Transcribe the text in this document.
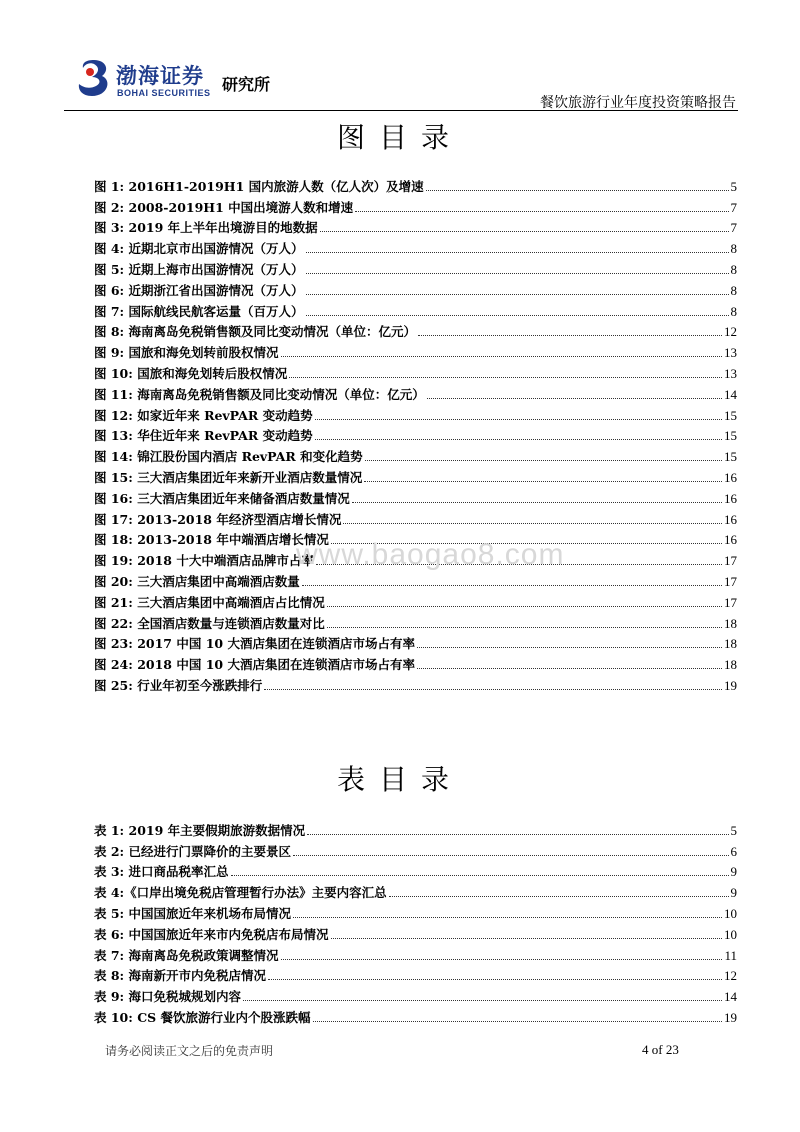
渤海证券
BOHAI SECURITIES 研究所
餐饮旅游行业年度投资策略报告
图目录
图 1: 2016H1-2019H1 国内旅游人数（亿人次）及增速	5
图 2: 2008-2019H1 中国出境游人数和增速	7
图 3: 2019 年上半年出境游目的地数据	7
图 4: 近期北京市出国游情况（万人）	8
图 5: 近期上海市出国游情况（万人）	8
图 6: 近期浙江省出国游情况（万人）	8
图 7: 国际航线民航客运量（百万人）	8
图 8: 海南离岛免税销售额及同比变动情况（单位：亿元）	12
图 9: 国旅和海免划转前股权情况	13
图 10: 国旅和海免划转后股权情况	13
图 11: 海南离岛免税销售额及同比变动情况（单位：亿元）	14
图 12: 如家近年来 RevPAR 变动趋势	15
图 13: 华住近年来 RevPAR 变动趋势	15
图 14: 锦江股份国内酒店 RevPAR 和变化趋势	15
图 15: 三大酒店集团近年来新开业酒店数量情况	16
图 16: 三大酒店集团近年来储备酒店数量情况	16
图 17: 2013-2018 年经济型酒店增长情况	16
图 18: 2013-2018 年中端酒店增长情况	16
图 19: 2018 十大中端酒店品牌市占率	17
图 20: 三大酒店集团中高端酒店数量	17
图 21: 三大酒店集团中高端酒店占比情况	17
图 22: 全国酒店数量与连锁酒店数量对比	18
图 23: 2017 中国 10 大酒店集团在连锁酒店市场占有率	18
图 24: 2018 中国 10 大酒店集团在连锁酒店市场占有率	18
图 25: 行业年初至今涨跌排行	19
www.baogao8.com
表目录
表 1: 2019 年主要假期旅游数据情况	5
表 2: 已经进行门票降价的主要景区	6
表 3: 进口商品税率汇总	9
表 4:《口岸出境免税店管理暂行办法》主要内容汇总	9
表 5: 中国国旅近年来机场布局情况	10
表 6: 中国国旅近年来市内免税店布局情况	10
表 7: 海南离岛免税政策调整情况	11
表 8: 海南新开市内免税店情况	12
表 9: 海口免税城规划内容	14
表 10: CS 餐饮旅游行业内个股涨跌幅	19
请务必阅读正文之后的免责声明	4 of 23
